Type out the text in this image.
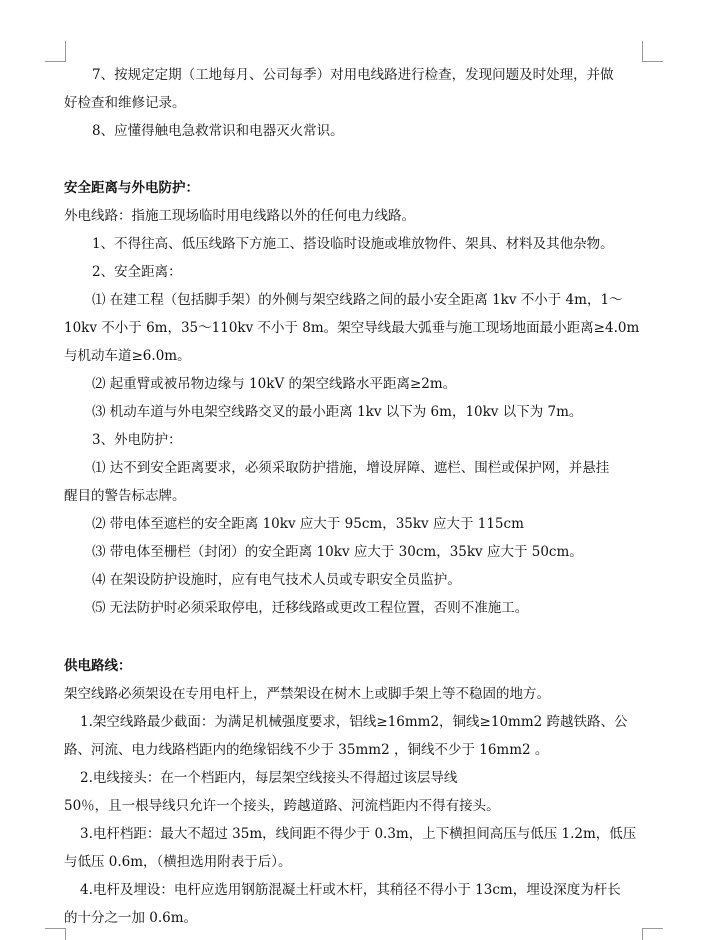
7、按规定定期（工地每月、公司每季）对用电线路进行检查，发现问题及时处理，并做
好检查和维修记录。
8、应懂得触电急救常识和电器灭火常识。
安全距离与外电防护：
外电线路：指施工现场临时用电线路以外的任何电力线路。
1、不得往高、低压线路下方施工、搭设临时设施或堆放物件、架具、材料及其他杂物。
2、安全距离：
⑴ 在建工程（包括脚手架）的外侧与架空线路之间的最小安全距离 1kv 不小于 4m，1～
10kv 不小于 6m，35～110kv 不小于 8m。架空导线最大弧垂与施工现场地面最小距离≥4.0m
与机动车道≥6.0m。
⑵ 起重臂或被吊物边缘与 10kV 的架空线路水平距离≥2m。
⑶ 机动车道与外电架空线路交叉的最小距离 1kv 以下为 6m，10kv 以下为 7m。
3、外电防护：
⑴ 达不到安全距离要求，必须采取防护措施，增设屏障、遮栏、围栏或保护网，并悬挂
醒目的警告标志牌。
⑵ 带电体至遮栏的安全距离 10kv 应大于 95cm，35kv 应大于 115cm
⑶ 带电体至栅栏（封闭）的安全距离 10kv 应大于 30cm，35kv 应大于 50cm。
⑷ 在架设防护设施时，应有电气技术人员或专职安全员监护。
⑸ 无法防护时必须采取停电，迁移线路或更改工程位置，否则不准施工。
供电路线：
架空线路必须架设在专用电杆上，严禁架设在树木上或脚手架上等不稳固的地方。
1.架空线路最少截面：为满足机械强度要求，铝线≥16mm2，铜线≥10mm2 跨越铁路、公
路、河流、电力线路档距内的绝缘铝线不少于 35mm2 ，铜线不少于 16mm2 。
2.电线接头：在一个档距内，每层架空线接头不得超过该层导线
50％，且一根导线只允许一个接头，跨越道路、河流档距内不得有接头。
3.电杆档距：最大不超过 35m，线间距不得少于 0.3m，上下横担间高压与低压 1.2m，低压
与低压 0.6m，（横担选用附表于后）。
4.电杆及埋设：电杆应选用钢筋混凝土杆或木杆，其稍径不得小于 13cm，埋设深度为杆长
的十分之一加 0.6m。
